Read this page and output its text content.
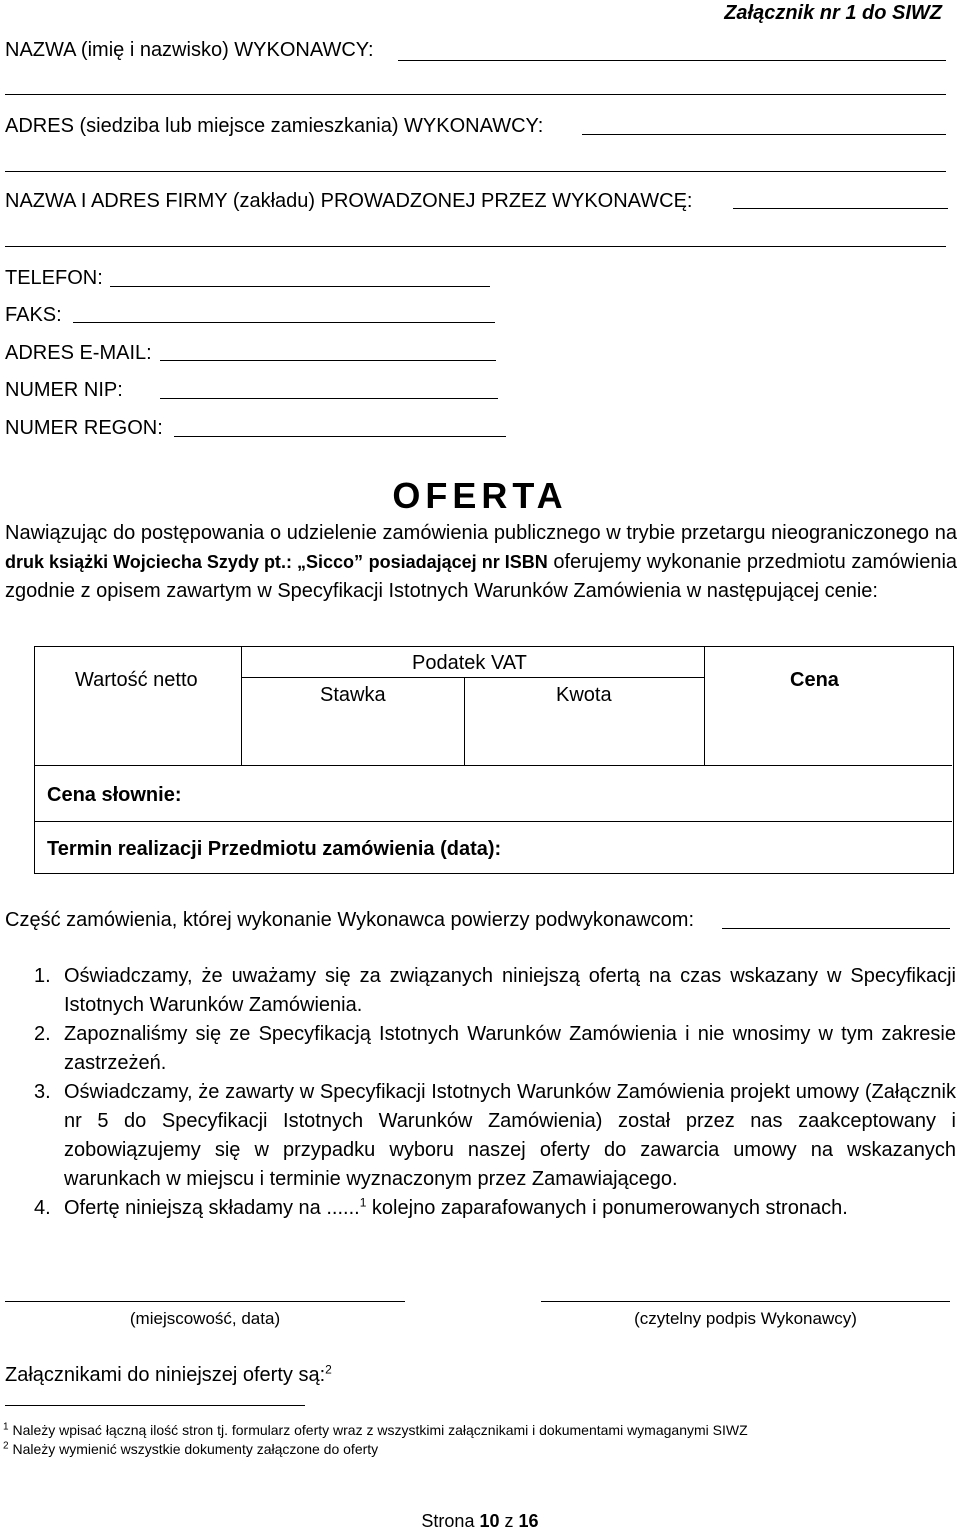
Załącznik nr 1 do SIWZ
NAZWA (imię i nazwisko) WYKONAWCY:
ADRES (siedziba lub miejsce zamieszkania) WYKONAWCY:
NAZWA I ADRES FIRMY (zakładu) PROWADZONEJ PRZEZ WYKONAWCĘ:
TELEFON:
FAKS:
ADRES E-MAIL:
NUMER NIP:
NUMER REGON:
OFERTA
Nawiązując do postępowania o udzielenie zamówienia publicznego w trybie przetargu nieograniczonego na druk książki Wojciecha Szydy pt.: „Sicco” posiadającej nr ISBN oferujemy wykonanie przedmiotu zamówienia zgodnie z opisem zawartym w Specyfikacji Istotnych Warunków Zamówienia w następującej cenie:
Wartość netto
Podatek VAT
Stawka	Kwota
Cena
Cena słownie:
Termin realizacji Przedmiotu zamówienia (data):
Część zamówienia, której wykonanie Wykonawca powierzy podwykonawcom:
1. Oświadczamy, że uważamy się za związanych niniejszą ofertą na czas wskazany w Specyfikacji Istotnych Warunków Zamówienia.
2. Zapoznaliśmy się ze Specyfikacją Istotnych Warunków Zamówienia i nie wnosimy w tym zakresie zastrzeżeń.
3. Oświadczamy, że zawarty w Specyfikacji Istotnych Warunków Zamówienia projekt umowy (Załącznik nr 5 do Specyfikacji Istotnych Warunków Zamówienia) został przez nas zaakceptowany i zobowiązujemy się w przypadku wyboru naszej oferty do zawarcia umowy na wskazanych warunkach w miejscu i terminie wyznaczonym przez Zamawiającego.
4. Ofertę niniejszą składamy na ......$^1$ kolejno zaparafowanych i ponumerowanych stronach.
(miejscowość, data)	(czytelny podpis Wykonawcy)
Załącznikami do niniejszej oferty są:$^2$
$^1$ Należy wpisać łączną ilość stron tj. formularz oferty wraz z wszystkimi załącznikami i dokumentami wymaganymi SIWZ
$^2$ Należy wymienić wszystkie dokumenty załączone do oferty
Strona 10 z 16
